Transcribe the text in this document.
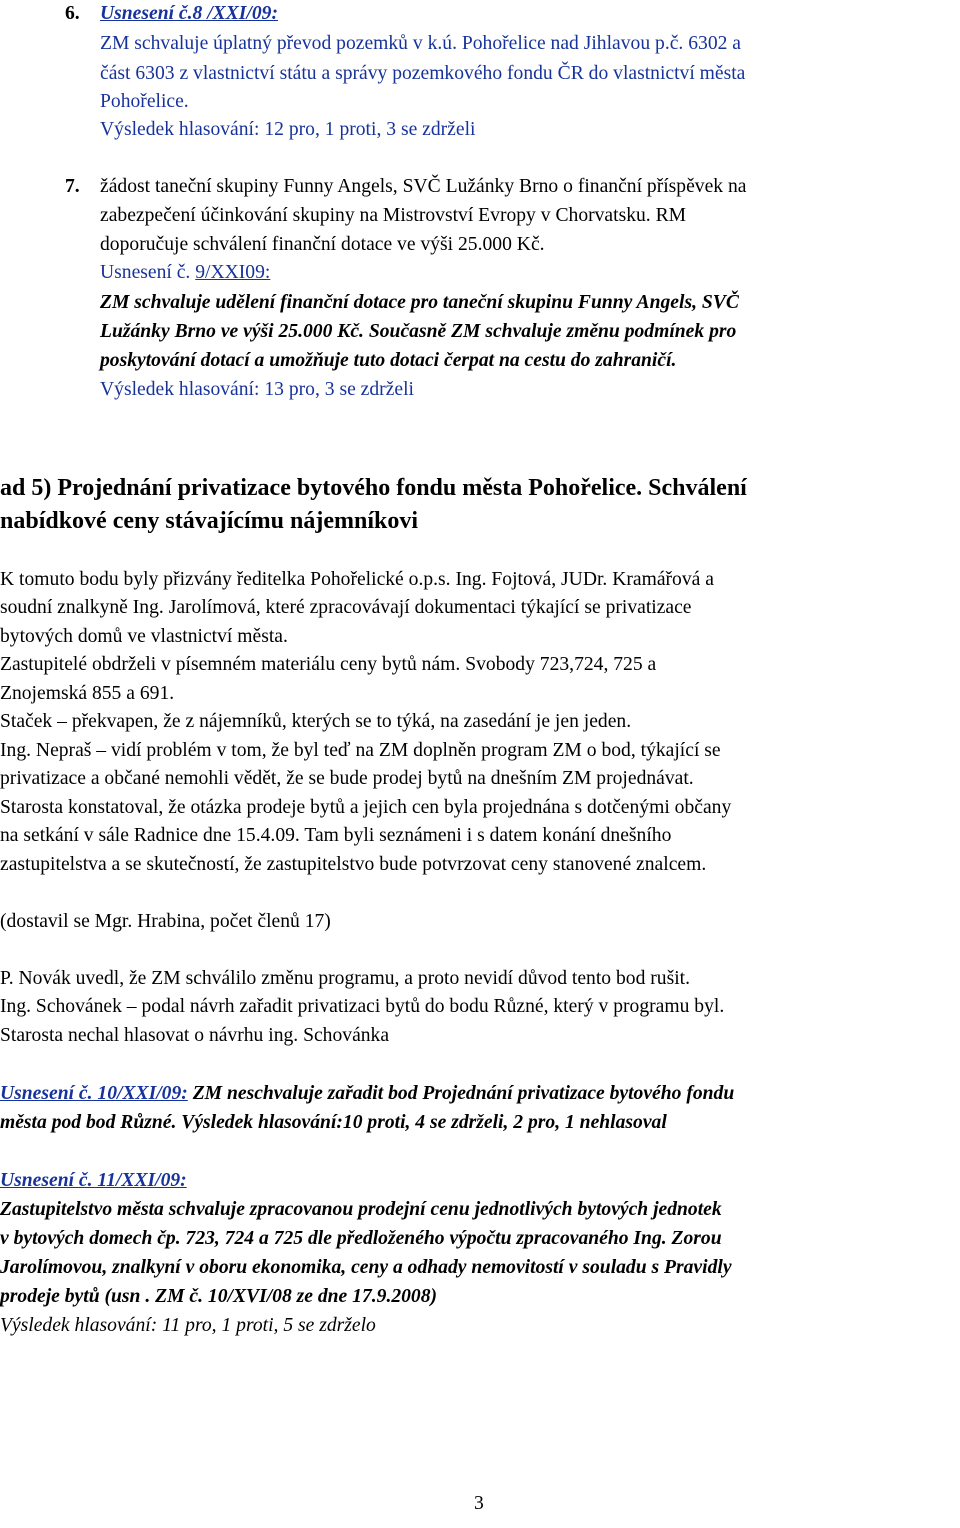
6. Usnesení č.8 /XXI/09:
ZM schvaluje úplatný převod pozemků v k.ú. Pohořelice nad Jihlavou p.č. 6302 a
část 6303 z vlastnictví státu a správy pozemkového fondu ČR do vlastnictví města
Pohořelice.
Výsledek hlasování: 12 pro, 1 proti, 3 se zdrželi
7. žádost taneční skupiny Funny Angels, SVČ Lužánky Brno o finanční příspěvek na
zabezpečení účinkování skupiny na Mistrovství Evropy v Chorvatsku. RM
doporučuje schválení finanční dotace ve výši 25.000 Kč.
Usnesení č. 9/XXI09:
ZM schvaluje udělení finanční dotace pro taneční skupinu Funny Angels, SVČ
Lužánky Brno ve výši 25.000 Kč. Současně ZM schvaluje změnu podmínek pro
poskytování dotací a umožňuje tuto dotaci čerpat na cestu do zahraničí.
Výsledek hlasování: 13 pro, 3 se zdrželi
ad 5) Projednání privatizace bytového fondu města Pohořelice. Schválení
nabídkové ceny stávajícímu nájemníkovi
K tomuto bodu byly přizvány ředitelka Pohořelické o.p.s. Ing. Fojtová, JUDr. Kramářová a
soudní znalkyně Ing. Jarolímová, které zpracovávají dokumentaci týkající se privatizace
bytových domů ve vlastnictví města.
Zastupitelé obdrželi v písemném materiálu ceny bytů nám. Svobody 723,724, 725 a
Znojemská 855 a 691.
Staček – překvapen, že z nájemníků, kterých se to týká, na zasedání je jen jeden.
Ing. Nepraš – vidí problém v tom, že byl teď na ZM doplněn program ZM o bod, týkající se
privatizace a občané nemohli vědět, že se bude prodej bytů na dnešním ZM projednávat.
Starosta konstatoval, že otázka prodeje bytů a jejich cen byla projednána s dotčenými občany
na setkání v sále Radnice dne 15.4.09. Tam byli seznámeni i s datem konání dnešního
zastupitelstva a se skutečností, že zastupitelstvo bude potvrzovat ceny stanovené znalcem.
(dostavil se Mgr. Hrabina, počet členů 17)
P. Novák uvedl, že ZM schválilo změnu programu, a proto nevidí důvod tento bod rušit.
Ing. Schovánek – podal návrh zařadit privatizaci bytů do bodu Různé, který v programu byl.
Starosta nechal hlasovat o návrhu ing. Schovánka
Usnesení č. 10/XXI/09: ZM neschvaluje zařadit bod Projednání privatizace bytového fondu
města pod bod Různé. Výsledek hlasování:10 proti, 4 se zdrželi, 2 pro, 1 nehlasoval
Usnesení č. 11/XXI/09:
Zastupitelstvo města schvaluje zpracovanou prodejní cenu jednotlivých bytových jednotek
v bytových domech čp. 723, 724 a 725 dle předloženého výpočtu zpracovaného Ing. Zorou
Jarolímovou, znalkyní v oboru ekonomika, ceny a odhady nemovitostí v souladu s Pravidly
prodeje bytů (usn . ZM č. 10/XVI/08 ze dne 17.9.2008)
Výsledek hlasování: 11 pro, 1 proti, 5 se zdrželo
3
